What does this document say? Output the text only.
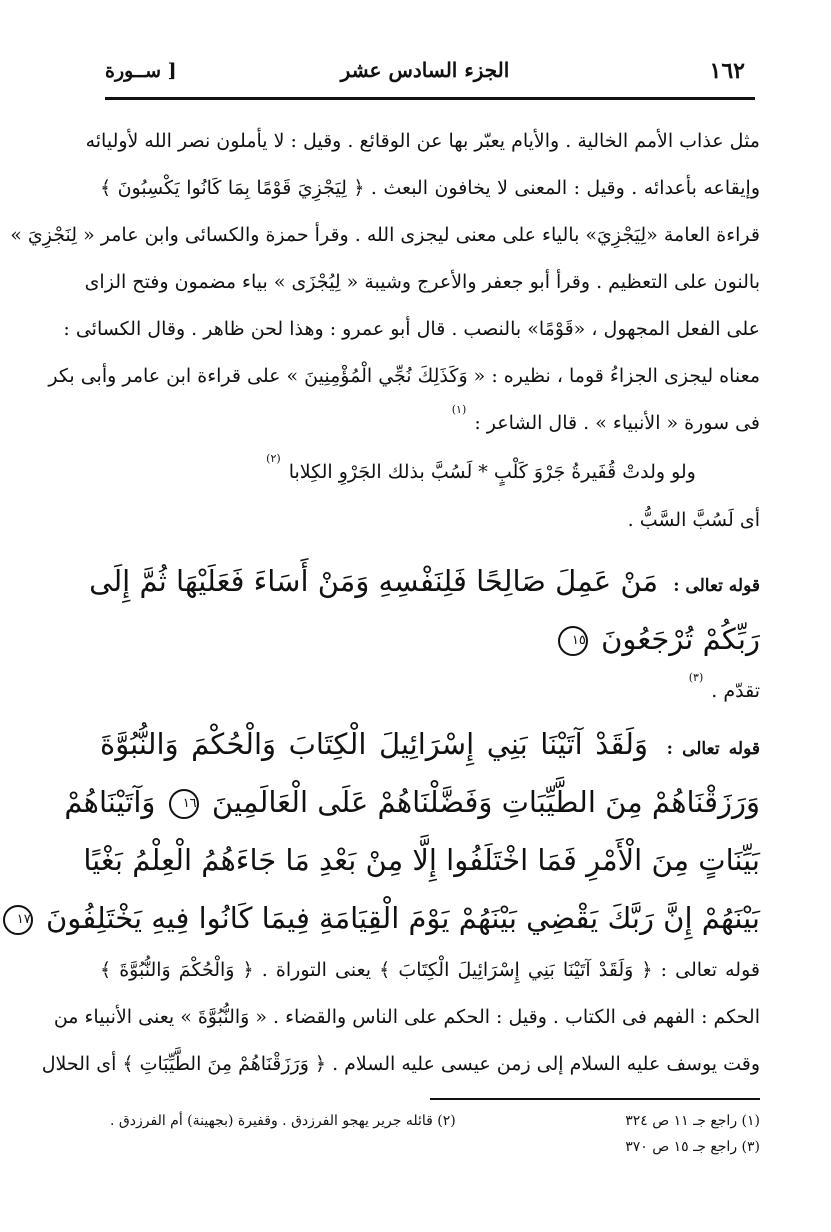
١٦٢
الجزء السادس عشر
[ ســورة
مثل عذاب الأمم الخالية . والأيام يعبّر بها عن الوقائع . وقيل : لا يأملون نصر الله لأوليائه
وإيقاعه بأعدائه . وقيل : المعنى لا يخافون البعث . ﴿ لِيَجْزِيَ قَوْمًا بِمَا كَانُوا يَكْسِبُونَ ﴾
قراءة العامة «لِيَجْزِيَ» بالياء على معنى ليجزى الله . وقرأ حمزة والكسائى وابن عامر « لِنَجْزِيَ »
بالنون على التعظيم . وقرأ أبو جعفر والأعرج وشيبة « لِيُجْزَى » بياء مضمون وفتح الزاى
على الفعل المجهول ، «قَوْمًا» بالنصب . قال أبو عمرو : وهذا لحن ظاهر . وقال الكسائى :
معناه ليجزى الجزاءُ قوما ، نظيره : « وَكَذَلِكَ نُجِّي الْمُؤْمِنِينَ » على قراءة ابن عامر وأبى بكر
فى سورة « الأنبياء » . قال الشاعر : $^{(١)}$
ولو ولدتْ قُفَيرةُ جَرْوَ كَلْبٍ * لَسُبَّ بذلك الجَرْوِ الكِلابا $^{(٢)}$
أى لَسُبَّ السَّبُّ .
قوله تعالى : مَنْ عَمِلَ صَالِحًا فَلِنَفْسِهِ وَمَنْ أَسَاءَ فَعَلَيْهَا ثُمَّ إِلَى
رَبِّكُمْ تُرْجَعُونَ ١٥
تقدّم . $^{(٣)}$
قوله تعالى : وَلَقَدْ آتَيْنَا بَنِي إِسْرَائِيلَ الْكِتَابَ وَالْحُكْمَ وَالنُّبُوَّةَ
وَرَزَقْنَاهُمْ مِنَ الطَّيِّبَاتِ وَفَضَّلْنَاهُمْ عَلَى الْعَالَمِينَ ١٦ وَآتَيْنَاهُمْ
بَيِّنَاتٍ مِنَ الْأَمْرِ فَمَا اخْتَلَفُوا إِلَّا مِنْ بَعْدِ مَا جَاءَهُمُ الْعِلْمُ بَغْيًا
بَيْنَهُمْ إِنَّ رَبَّكَ يَقْضِي بَيْنَهُمْ يَوْمَ الْقِيَامَةِ فِيمَا كَانُوا فِيهِ يَخْتَلِفُونَ ١٧
قوله تعالى : ﴿ وَلَقَدْ آتَيْنَا بَنِي إِسْرَائِيلَ الْكِتَابَ ﴾ يعنى التوراة . ﴿ وَالْحُكْمَ وَالنُّبُوَّةَ ﴾
الحكم : الفهم فى الكتاب . وقيل : الحكم على الناس والقضاء . « وَالنُّبُوَّةَ » يعنى الأنبياء من
وقت يوسف عليه السلام إلى زمن عيسى عليه السلام . ﴿ وَرَزَقْنَاهُمْ مِنَ الطَّيِّبَاتِ ﴾ أى الحلال
(١) راجع جـ ١١ ص ٣٢٤
(٢) قائله جرير يهجو الفرزدق . وقفيرة (بجهينة) أم الفرزدق .
(٣) راجع جـ ١٥ ص ٣٧٠
